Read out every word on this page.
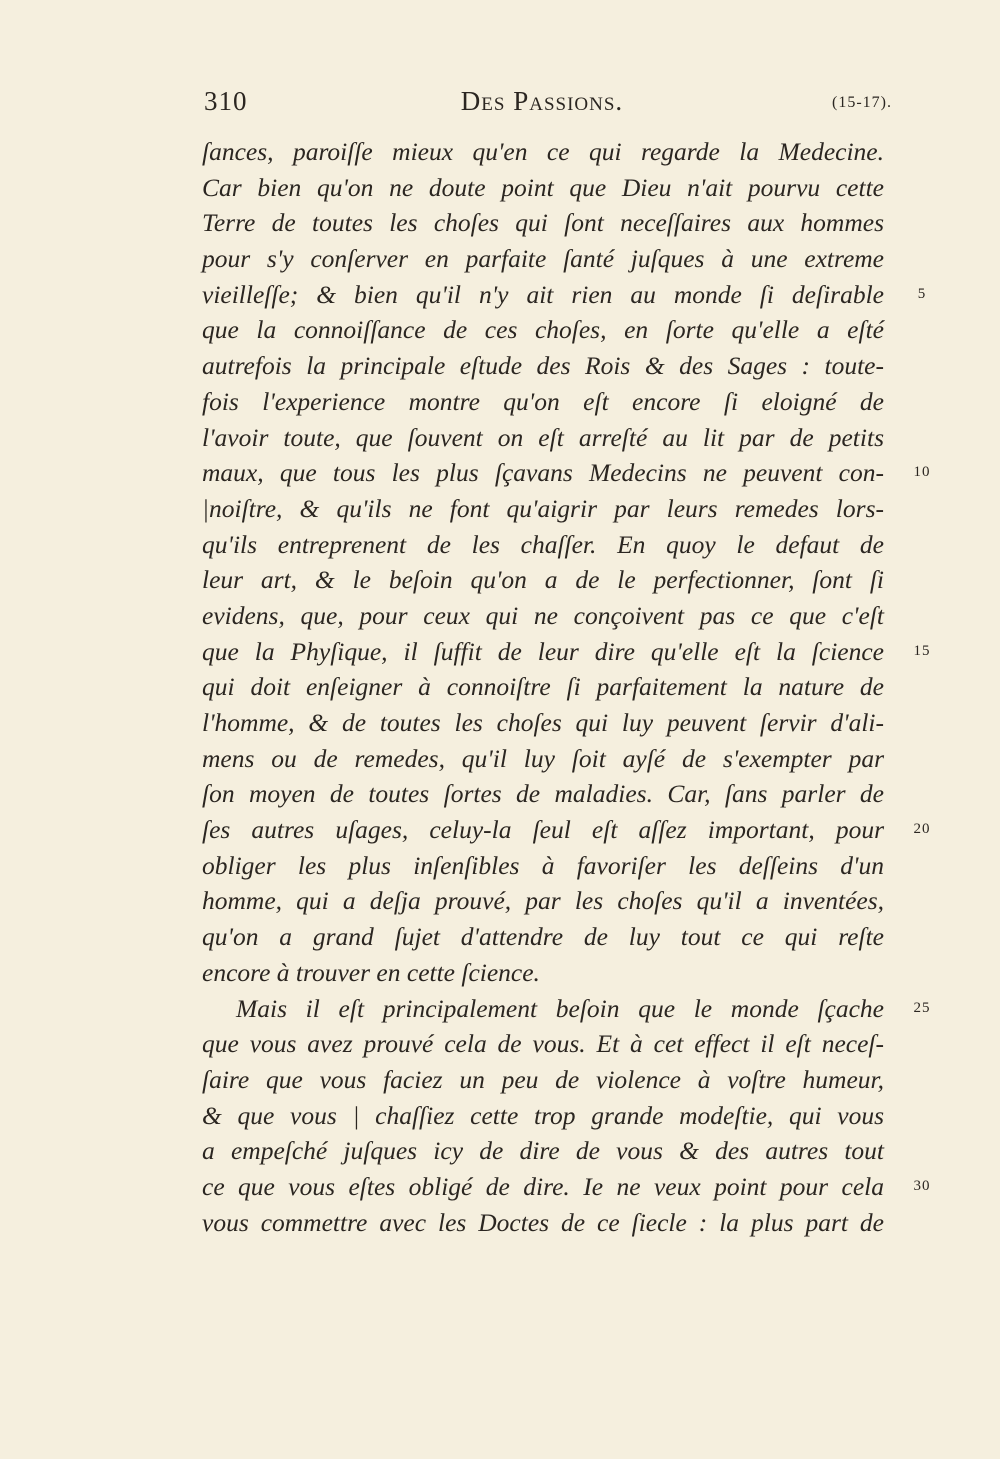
310	Des Passions.	(15-17).
ſances, paroiſſe mieux qu'en ce qui regarde la Medecine.
Car bien qu'on ne doute point que Dieu n'ait pourvu cette
Terre de toutes les choſes qui ſont neceſſaires aux hommes
pour s'y conſerver en parfaite ſanté juſques à une extreme
vieilleſſe; & bien qu'il n'y ait rien au monde ſi deſirable
que la connoiſſance de ces choſes, en ſorte qu'elle a eſté
autrefois la principale eſtude des Rois & des Sages : toute-
fois l'experience montre qu'on eſt encore ſi eloigné de
l'avoir toute, que ſouvent on eſt arreſté au lit par de petits
maux, que tous les plus ſçavans Medecins ne peuvent con-
|noiſtre, & qu'ils ne font qu'aigrir par leurs remedes lors-
qu'ils entreprenent de les chaſſer. En quoy le defaut de
leur art, & le beſoin qu'on a de le perfectionner, ſont ſi
evidens, que, pour ceux qui ne conçoivent pas ce que c'eſt
que la Phyſique, il ſuffit de leur dire qu'elle eſt la ſcience
qui doit enſeigner à connoiſtre ſi parfaitement la nature de
l'homme, & de toutes les choſes qui luy peuvent ſervir d'ali-
mens ou de remedes, qu'il luy ſoit ayſé de s'exempter par
ſon moyen de toutes ſortes de maladies. Car, ſans parler de
ſes autres uſages, celuy-la ſeul eſt aſſez important, pour
obliger les plus inſenſibles à favoriſer les deſſeins d'un
homme, qui a deſja prouvé, par les choſes qu'il a inventées,
qu'on a grand ſujet d'attendre de luy tout ce qui reſte
encore à trouver en cette ſcience.
Mais il eſt principalement beſoin que le monde ſçache
que vous avez prouvé cela de vous. Et à cet effect il eſt neceſ-
ſaire que vous faciez un peu de violence à voſtre humeur,
& que vous | chaſſiez cette trop grande modeſtie, qui vous
a empeſché juſques icy de dire de vous & des autres tout
ce que vous eſtes obligé de dire. Ie ne veux point pour cela
vous commettre avec les Doctes de ce ſiecle : la plus part de
5
10
15
20
25
30
